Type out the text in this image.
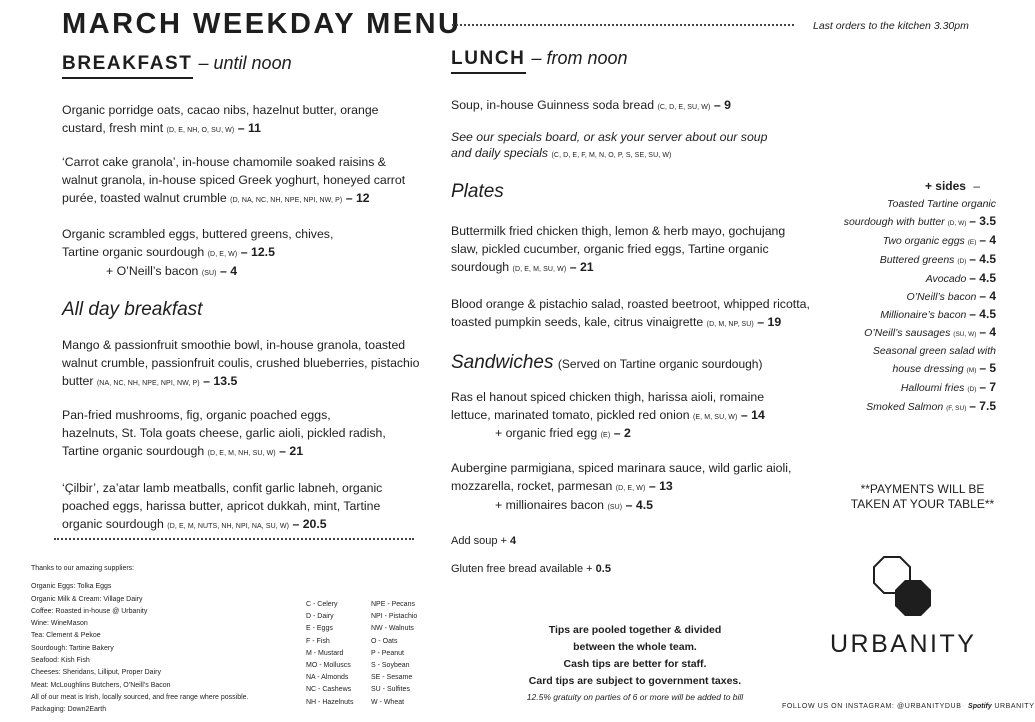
MARCH WEEKDAY MENU	Last orders to the kitchen 3.30pm
BREAKFAST – until noon
Organic porridge oats, cacao nibs, hazelnut butter, orange custard, fresh mint (D, E, NH, O, SU, W) – 11
‘Carrot cake granola’, in-house chamomile soaked raisins & walnut granola, in-house spiced Greek yoghurt, honeyed carrot purée, toasted walnut crumble (D, NA, NC, NH, NPE, NPI, NW, P) – 12
Organic scrambled eggs, buttered greens, chives, Tartine organic sourdough (D, E, W) – 12.5
+ O’Neill’s bacon (SU) – 4
All day breakfast
Mango & passionfruit smoothie bowl, in-house granola, toasted walnut crumble, passionfruit coulis, crushed blueberries, pistachio butter (NA, NC, NH, NPE, NPI, NW, P) – 13.5
Pan-fried mushrooms, fig, organic poached eggs, hazelnuts, St. Tola goats cheese, garlic aioli, pickled radish, Tartine organic sourdough (D, E, M, NH, SU, W) – 21
‘Çilbir’, za’atar lamb meatballs, confit garlic labneh, organic poached eggs, harissa butter, apricot dukkah, mint, Tartine organic sourdough (D, E, M, NUTS, NH, NPI, NA, SU, W) – 20.5
LUNCH – from noon
Soup, in-house Guinness soda bread (C, D, E, SU, W) – 9
See our specials board, or ask your server about our soup and daily specials (C, D, E, F, M, N, O, P, S, SE, SU, W)
Plates
Buttermilk fried chicken thigh, lemon & herb mayo, gochujang slaw, pickled cucumber, organic fried eggs, Tartine organic sourdough (D, E, M, SU, W) – 21
Blood orange & pistachio salad, roasted beetroot, whipped ricotta, toasted pumpkin seeds, kale, citrus vinaigrette (D, M, NP, SU) – 19
Sandwiches (Served on Tartine organic sourdough)
Ras el hanout spiced chicken thigh, harissa aioli, romaine lettuce, marinated tomato, pickled red onion (E, M, SU, W) – 14
+ organic fried egg (E) – 2
Aubergine parmigiana, spiced marinara sauce, wild garlic aioli, mozzarella, rocket, parmesan (D, E, W) – 13
+ millionaires bacon (SU) – 4.5
Add soup + 4
Gluten free bread available + 0.5
+ sides –
Toasted Tartine organic
sourdough with butter (D, W) – 3.5
Two organic eggs (E) – 4
Buttered greens (D) – 4.5
Avocado – 4.5
O’Neill’s bacon – 4
Millionaire’s bacon – 4.5
O’Neill’s sausages (SU, W) – 4
Seasonal green salad with
house dressing (M) – 5
Halloumi fries (D) – 7
Smoked Salmon (F, SU) – 7.5
**PAYMENTS WILL BE
TAKEN AT YOUR TABLE**
Thanks to our amazing suppliers:
Organic Eggs: Tolka Eggs
Organic Milk & Cream: Village Dairy
Coffee: Roasted in-house @ Urbanity
Wine: WineMason
Tea: Clement & Pekoe
Sourdough: Tartine Bakery
Seafood: Kish Fish
Cheeses: Sheridans, Lilliput, Proper Dairy
Meat: McLoughlins Butchers, O’Neill’s Bacon
All of our meat is Irish, locally sourced, and free range where possible.
Packaging: Down2Earth
C - Celery
D - Dairy
E - Eggs
F - Fish
M - Mustard
MO - Molluscs
NA - Almonds
NC - Cashews
NH - Hazelnuts
NPE - Pecans
NPI - Pistachio
NW - Walnuts
O - Oats
P - Peanut
S - Soybean
SE - Sesame
SU - Sulfites
W - Wheat
Tips are pooled together & divided
between the whole team.
Cash tips are better for staff.
Card tips are subject to government taxes.
12.5% gratuity on parties of 6 or more will be added to bill
URBANITY
FOLLOW US ON INSTAGRAM: @URBANITYDUB Spotify URBANITY
